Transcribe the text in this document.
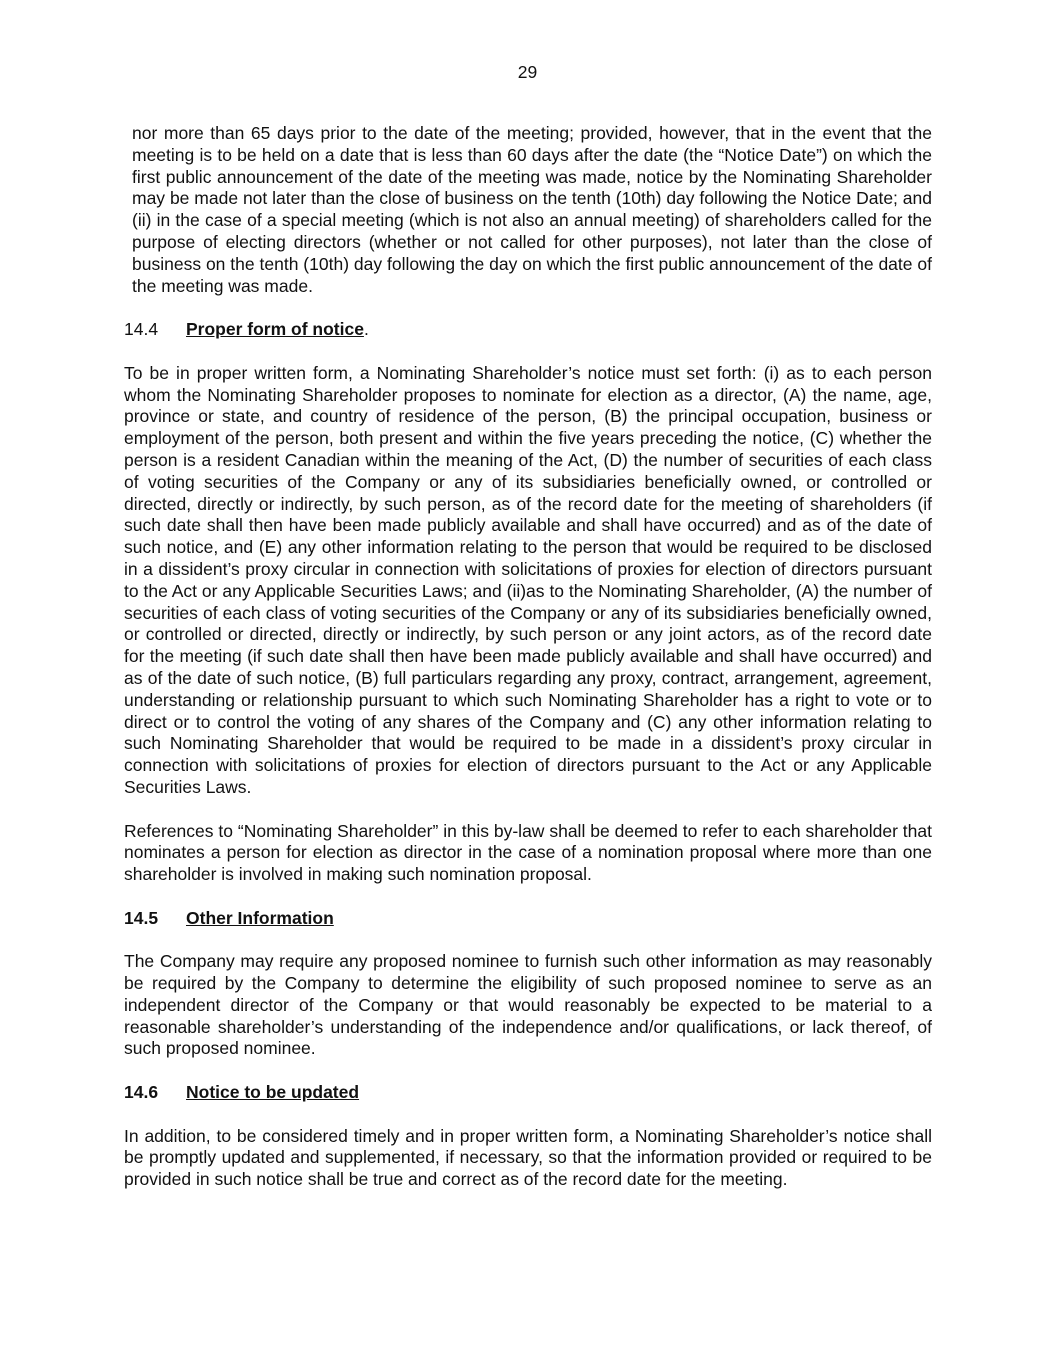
29

nor more than 65 days prior to the date of the meeting; provided, however, that in the event that the meeting is to be held on a date that is less than 60 days after the date (the “Notice Date”) on which the first public announcement of the date of the meeting was made, notice by the Nominating Shareholder may be made not later than the close of business on the tenth (10th) day following the Notice Date; and (ii) in the case of a special meeting (which is not also an annual meeting) of shareholders called for the purpose of electing directors (whether or not called for other purposes), not later than the close of business on the tenth (10th) day following the day on which the first public announcement of the date of the meeting was made.

14.4	Proper form of notice .

To be in proper written form, a Nominating Shareholder’s notice must set forth: (i) as to each person whom the Nominating Shareholder proposes to nominate for election as a director, (A) the name, age, province or state, and country of residence of the person, (B) the principal occupation, business or employment of the person, both present and within the five years preceding the notice, (C) whether the person is a resident Canadian within the meaning of the Act, (D) the number of securities of each class of voting securities of the Company or any of its subsidiaries beneficially owned, or controlled or directed, directly or indirectly, by such person, as of the record date for the meeting of shareholders (if such date shall then have been made publicly available and shall have occurred) and as of the date of such notice, and (E) any other information relating to the person that would be required to be disclosed in a dissident’s proxy circular in connection with solicitations of proxies for election of directors pursuant to the Act or any Applicable Securities Laws; and (ii)as to the Nominating Shareholder, (A) the number of securities of each class of voting securities of the Company or any of its subsidiaries beneficially owned, or controlled or directed, directly or indirectly, by such person or any joint actors, as of the record date for the meeting (if such date shall then have been made publicly available and shall have occurred) and as of the date of such notice, (B) full particulars regarding any proxy, contract, arrangement, agreement, understanding or relationship pursuant to which such Nominating Shareholder has a right to vote or to direct or to control the voting of any shares of the Company and (C) any other information relating to such Nominating Shareholder that would be required to be made in a dissident’s proxy circular in connection with solicitations of proxies for election of directors pursuant to the Act or any Applicable Securities Laws.

References to “Nominating Shareholder” in this by-law shall be deemed to refer to each shareholder that nominates a person for election as director in the case of a nomination proposal where more than one shareholder is involved in making such nomination proposal.

14.5	Other Information

The Company may require any proposed nominee to furnish such other information as may reasonably be required by the Company to determine the eligibility of such proposed nominee to serve as an independent director of the Company or that would reasonably be expected to be material to a reasonable shareholder’s understanding of the independence and/or qualifications, or lack thereof, of such proposed nominee.

14.6	Notice to be updated

In addition, to be considered timely and in proper written form, a Nominating Shareholder’s notice shall be promptly updated and supplemented, if necessary, so that the information provided or required to be provided in such notice shall be true and correct as of the record date for the meeting.
